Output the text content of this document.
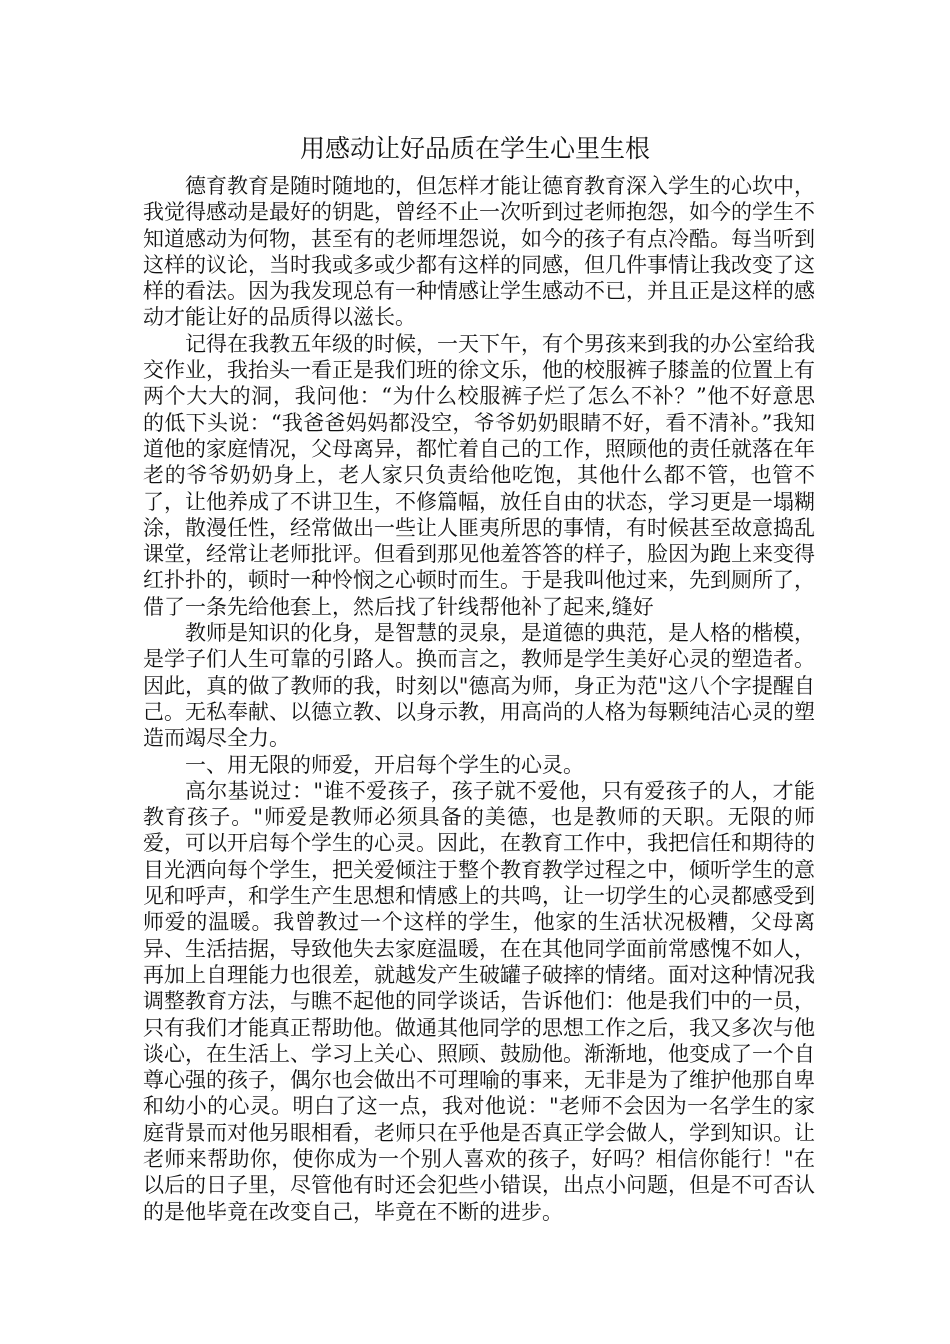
用感动让好品质在学生心里生根

德育教育是随时随地的，但怎样才能让德育教育深入学生的心坎中，我觉得感动是最好的钥匙，曾经不止一次听到过老师抱怨，如今的学生不知道感动为何物，甚至有的老师埋怨说，如今的孩子有点冷酷。每当听到这样的议论，当时我或多或少都有这样的同感，但几件事情让我改变了这样的看法。因为我发现总有一种情感让学生感动不已，并且正是这样的感动才能让好的品质得以滋长。

记得在我教五年级的时候，一天下午，有个男孩来到我的办公室给我交作业，我抬头一看正是我们班的徐文乐，他的校服裤子膝盖的位置上有两个大大的洞，我问他：“为什么校服裤子烂了怎么不补？”他不好意思的低下头说：“我爸爸妈妈都没空，爷爷奶奶眼睛不好，看不清补。”我知道他的家庭情况，父母离异，都忙着自己的工作，照顾他的责任就落在年老的爷爷奶奶身上，老人家只负责给他吃饱，其他什么都不管，也管不了，让他养成了不讲卫生，不修篇幅，放任自由的状态，学习更是一塌糊涂，散漫任性，经常做出一些让人匪夷所思的事情，有时候甚至故意捣乱课堂，经常让老师批评。但看到那见他羞答答的样子，脸因为跑上来变得红扑扑的，顿时一种怜悯之心顿时而生。于是我叫他过来，先到厕所了，借了一条先给他套上，然后找了针线帮他补了起来,缝好

教师是知识的化身，是智慧的灵泉，是道德的典范，是人格的楷模，是学子们人生可靠的引路人。换而言之，教师是学生美好心灵的塑造者。因此，真的做了教师的我，时刻以"德高为师，身正为范"这八个字提醒自己。无私奉献、以德立教、以身示教，用高尚的人格为每颗纯洁心灵的塑造而竭尽全力。

一、用无限的师爱，开启每个学生的心灵。

高尔基说过："谁不爱孩子，孩子就不爱他，只有爱孩子的人，才能教育孩子。"师爱是教师必须具备的美德，也是教师的天职。无限的师爱，可以开启每个学生的心灵。因此，在教育工作中，我把信任和期待的目光洒向每个学生，把关爱倾注于整个教育教学过程之中，倾听学生的意见和呼声，和学生产生思想和情感上的共鸣，让一切学生的心灵都感受到师爱的温暖。我曾教过一个这样的学生，他家的生活状况极糟，父母离异、生活拮据，导致他失去家庭温暖，在在其他同学面前常感愧不如人，再加上自理能力也很差，就越发产生破罐子破摔的情绪。面对这种情况我调整教育方法，与瞧不起他的同学谈话，告诉他们：他是我们中的一员，只有我们才能真正帮助他。做通其他同学的思想工作之后，我又多次与他谈心，在生活上、学习上关心、照顾、鼓励他。渐渐地，他变成了一个自尊心强的孩子，偶尔也会做出不可理喻的事来，无非是为了维护他那自卑和幼小的心灵。明白了这一点，我对他说："老师不会因为一名学生的家庭背景而对他另眼相看，老师只在乎他是否真正学会做人，学到知识。让老师来帮助你，使你成为一个别人喜欢的孩子，好吗？相信你能行！"在以后的日子里，尽管他有时还会犯些小错误，出点小问题，但是不可否认的是他毕竟在改变自己，毕竟在不断的进步。
